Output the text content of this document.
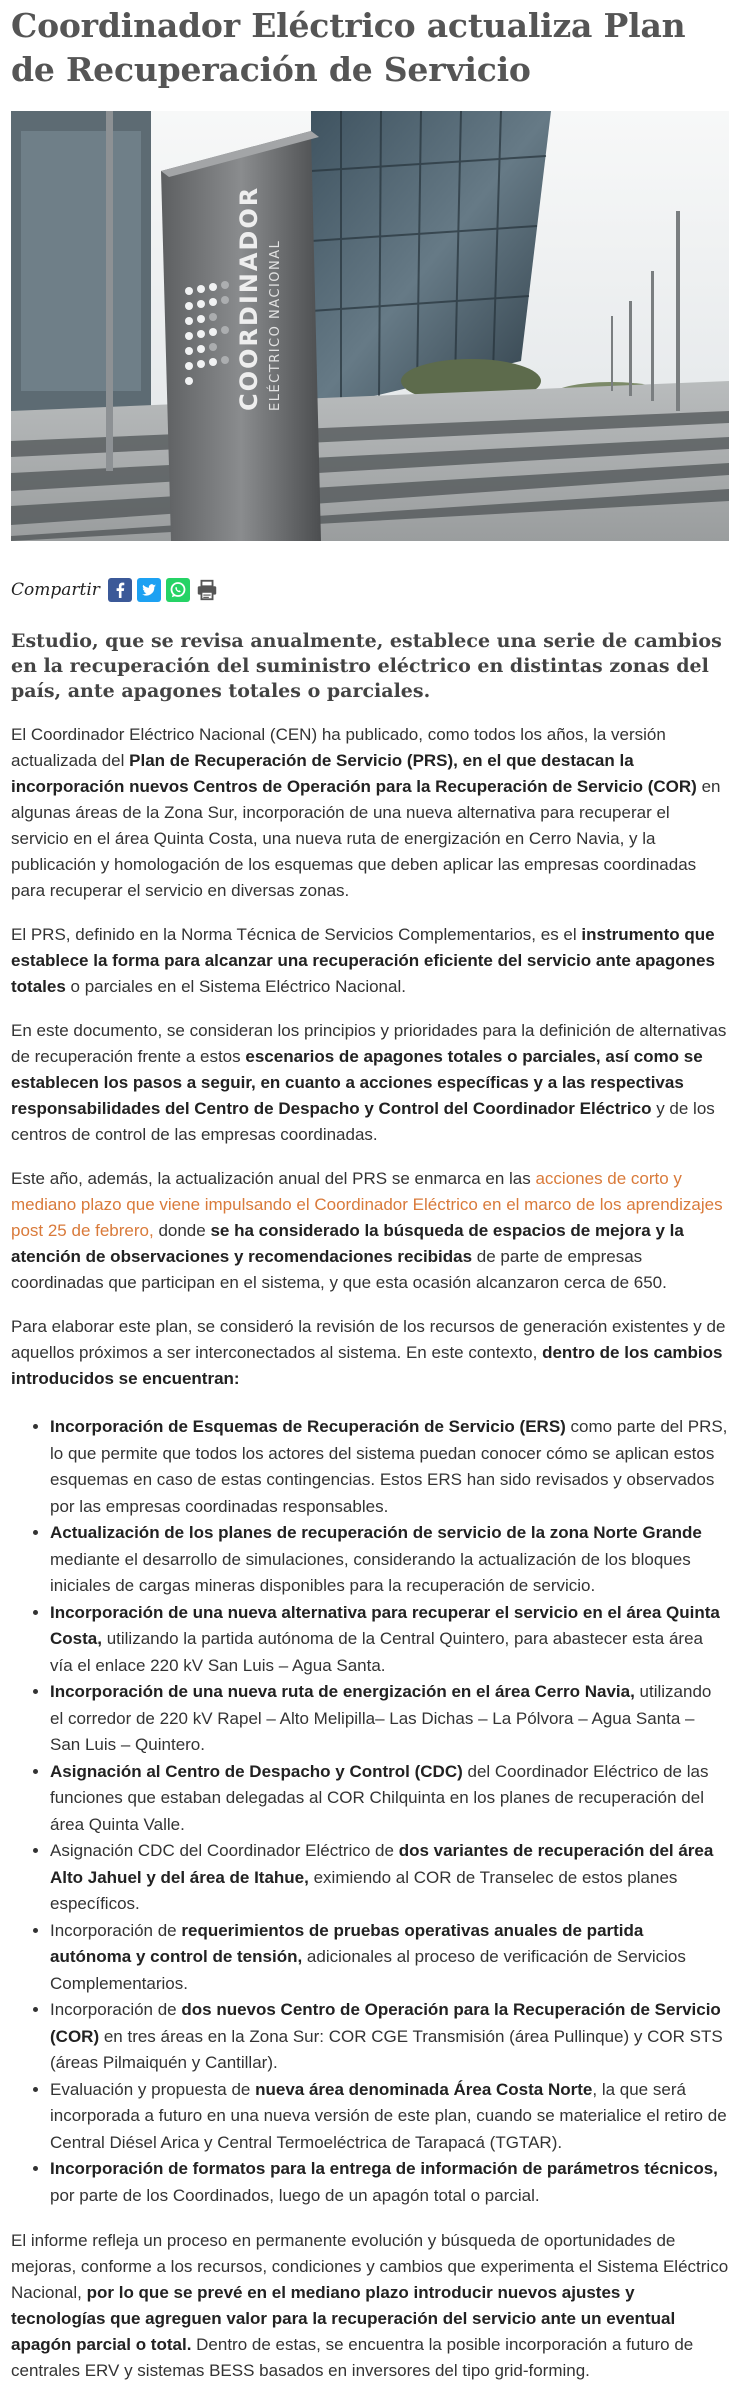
Coordinador Eléctrico actualiza Plan de Recuperación de Servicio
COORDINADOR ELÉCTRICO NACIONAL
Compartir
Estudio, que se revisa anualmente, establece una serie de cambios en la recuperación del suministro eléctrico en distintas zonas del país, ante apagones totales o parciales.

El Coordinador Eléctrico Nacional (CEN) ha publicado, como todos los años, la versión actualizada del Plan de Recuperación de Servicio (PRS), en el que destacan la incorporación nuevos Centros de Operación para la Recuperación de Servicio (COR) en algunas áreas de la Zona Sur, incorporación de una nueva alternativa para recuperar el servicio en el área Quinta Costa, una nueva ruta de energización en Cerro Navia, y la publicación y homologación de los esquemas que deben aplicar las empresas coordinadas para recuperar el servicio en diversas zonas.

El PRS, definido en la Norma Técnica de Servicios Complementarios, es el instrumento que establece la forma para alcanzar una recuperación eficiente del servicio ante apagones totales o parciales en el Sistema Eléctrico Nacional.

En este documento, se consideran los principios y prioridades para la definición de alternativas de recuperación frente a estos escenarios de apagones totales o parciales, así como se establecen los pasos a seguir, en cuanto a acciones específicas y a las respectivas responsabilidades del Centro de Despacho y Control del Coordinador Eléctrico y de los centros de control de las empresas coordinadas.

Este año, además, la actualización anual del PRS se enmarca en las acciones de corto y mediano plazo que viene impulsando el Coordinador Eléctrico en el marco de los aprendizajes post 25 de febrero, donde se ha considerado la búsqueda de espacios de mejora y la atención de observaciones y recomendaciones recibidas de parte de empresas coordinadas que participan en el sistema, y que esta ocasión alcanzaron cerca de 650.

Para elaborar este plan, se consideró la revisión de los recursos de generación existentes y de aquellos próximos a ser interconectados al sistema. En este contexto, dentro de los cambios introducidos se encuentran:

• Incorporación de Esquemas de Recuperación de Servicio (ERS) como parte del PRS, lo que permite que todos los actores del sistema puedan conocer cómo se aplican estos esquemas en caso de estas contingencias. Estos ERS han sido revisados y observados por las empresas coordinadas responsables.
• Actualización de los planes de recuperación de servicio de la zona Norte Grande mediante el desarrollo de simulaciones, considerando la actualización de los bloques iniciales de cargas mineras disponibles para la recuperación de servicio.
• Incorporación de una nueva alternativa para recuperar el servicio en el área Quinta Costa, utilizando la partida autónoma de la Central Quintero, para abastecer esta área vía el enlace 220 kV San Luis – Agua Santa.
• Incorporación de una nueva ruta de energización en el área Cerro Navia, utilizando el corredor de 220 kV Rapel – Alto Melipilla– Las Dichas – La Pólvora – Agua Santa – San Luis – Quintero.
• Asignación al Centro de Despacho y Control (CDC) del Coordinador Eléctrico de las funciones que estaban delegadas al COR Chilquinta en los planes de recuperación del área Quinta Valle.
• Asignación CDC del Coordinador Eléctrico de dos variantes de recuperación del área Alto Jahuel y del área de Itahue, eximiendo al COR de Transelec de estos planes específicos.
• Incorporación de requerimientos de pruebas operativas anuales de partida autónoma y control de tensión, adicionales al proceso de verificación de Servicios Complementarios.
• Incorporación de dos nuevos Centro de Operación para la Recuperación de Servicio (COR) en tres áreas en la Zona Sur: COR CGE Transmisión (área Pullinque) y COR STS (áreas Pilmaiquén y Cantillar).
• Evaluación y propuesta de nueva área denominada Área Costa Norte, la que será incorporada a futuro en una nueva versión de este plan, cuando se materialice el retiro de Central Diésel Arica y Central Termoeléctrica de Tarapacá (TGTAR).
• Incorporación de formatos para la entrega de información de parámetros técnicos, por parte de los Coordinados, luego de un apagón total o parcial.

El informe refleja un proceso en permanente evolución y búsqueda de oportunidades de mejoras, conforme a los recursos, condiciones y cambios que experimenta el Sistema Eléctrico Nacional, por lo que se prevé en el mediano plazo introducir nuevos ajustes y tecnologías que agreguen valor para la recuperación del servicio ante un eventual apagón parcial o total. Dentro de estas, se encuentra la posible incorporación a futuro de centrales ERV y sistemas BESS basados en inversores del tipo grid-forming.
